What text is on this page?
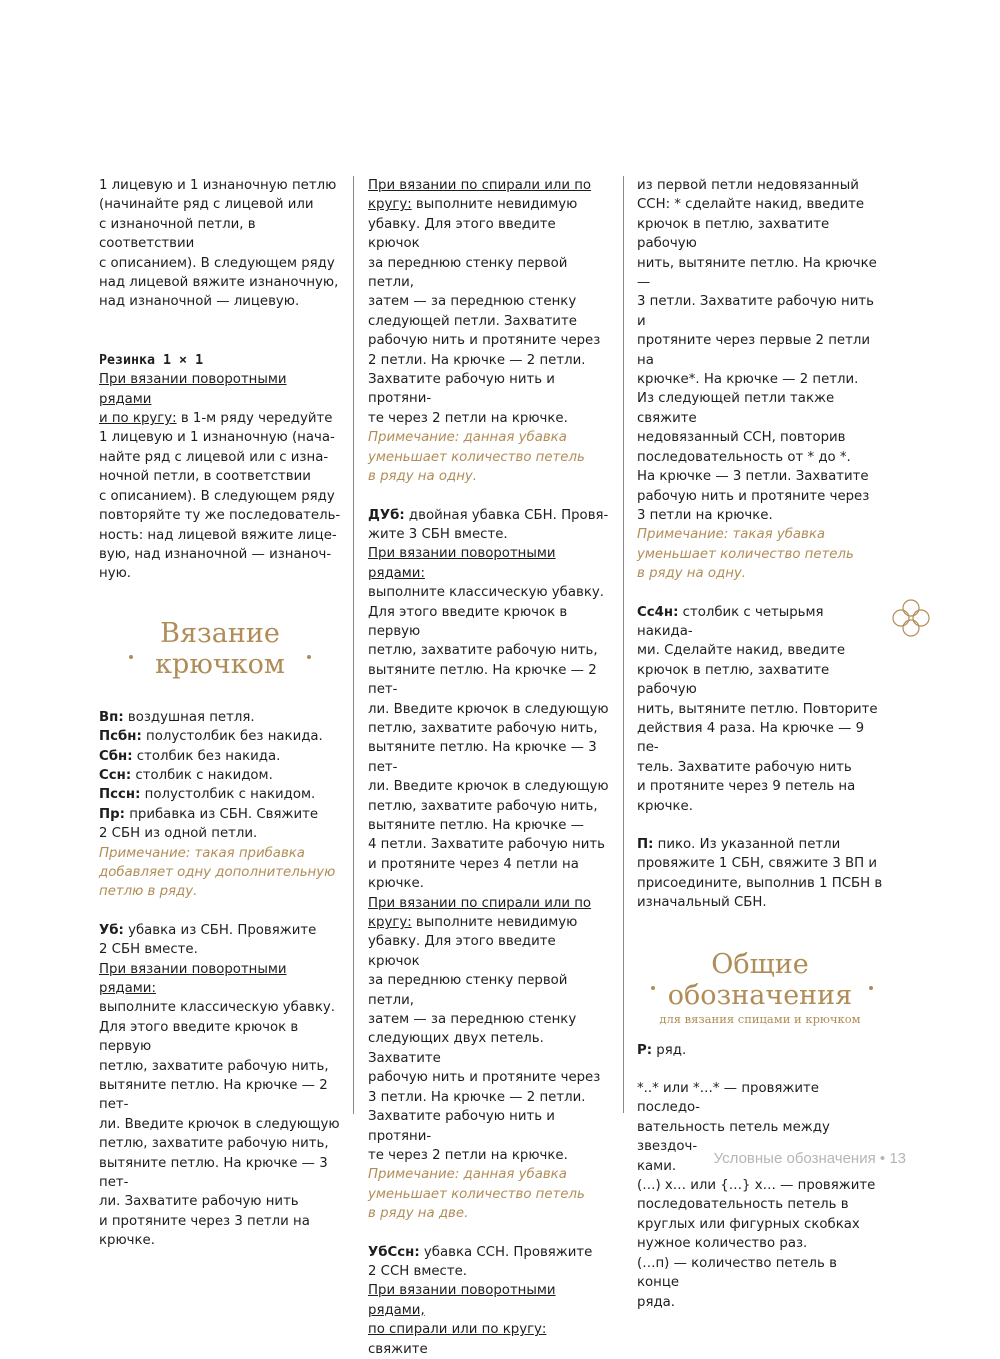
1 лицевую и 1 изнаночную петлю

(начинайте ряд с лицевой или

с изнаночной петли, в соответствии

с описанием). В следующем ряду

над лицевой вяжите изнаночную,

над изнаночной — лицевую.

Резинка 1 × 1

При вязании поворотными рядами

и по кругу: в 1-м ряду чередуйте

1 лицевую и 1 изнаночную (нача-

найте ряд с лицевой или с изна-

ночной петли, в соответствии

с описанием). В следующем ряду

повторяйте ту же последователь-

ность: над лицевой вяжите лице-

вую, над изнаночной — изнаноч-

ную.

Вязание
крючком

Вп: воздушная петля.

Псбн: полустолбик без накида.

Сбн: столбик без накида.

Ссн: столбик с накидом.

Пссн: полустолбик с накидом.

Пр: прибавка из СБН. Свяжите

2 СБН из одной петли.

Примечание: такая прибавка

добавляет одну дополнительную

петлю в ряду.

Уб: убавка из СБН. Провяжите

2 СБН вместе.

При вязании поворотными рядами:

выполните классическую убавку.

Для этого введите крючок в первую

петлю, захватите рабочую нить,

вытяните петлю. На крючке — 2 пет-

ли. Введите крючок в следующую

петлю, захватите рабочую нить,

вытяните петлю. На крючке — 3 пет-

ли. Захватите рабочую нить

и протяните через 3 петли на

крючке.

При вязании по спирали или по

кругу: выполните невидимую

убавку. Для этого введите крючок

за переднюю стенку первой петли,

затем — за переднюю стенку

следующей петли. Захватите

рабочую нить и протяните через

2 петли. На крючке — 2 петли.

Захватите рабочую нить и протяни-

те через 2 петли на крючке.

Примечание: данная убавка

уменьшает количество петель

в ряду на одну.

ДУб: двойная убавка СБН. Провя-

жите 3 СБН вместе.

При вязании поворотными рядами:

выполните классическую убавку.

Для этого введите крючок в первую

петлю, захватите рабочую нить,

вытяните петлю. На крючке — 2 пет-

ли. Введите крючок в следующую

петлю, захватите рабочую нить,

вытяните петлю. На крючке — 3 пет-

ли. Введите крючок в следующую

петлю, захватите рабочую нить,

вытяните петлю. На крючке —

4 петли. Захватите рабочую нить

и протяните через 4 петли на

крючке.

При вязании по спирали или по

кругу: выполните невидимую

убавку. Для этого введите крючок

за переднюю стенку первой петли,

затем — за переднюю стенку

следующих двух петель. Захватите

рабочую нить и протяните через

3 петли. На крючке — 2 петли.

Захватите рабочую нить и протяни-

те через 2 петли на крючке.

Примечание: данная убавка

уменьшает количество петель

в ряду на две.

УбСсн: убавка ССН. Провяжите

2 ССН вместе.

При вязании поворотными рядами,

по спирали или по кругу: свяжите

из первой петли недовязанный

ССН: * сделайте накид, введите

крючок в петлю, захватите рабочую

нить, вытяните петлю. На крючке —

3 петли. Захватите рабочую нить и

протяните через первые 2 петли на

крючке*. На крючке — 2 петли.

Из следующей петли также свяжите

недовязанный ССН, повторив

последовательность от * до *.

На крючке — 3 петли. Захватите

рабочую нить и протяните через

3 петли на крючке.

Примечание: такая убавка

уменьшает количество петель

в ряду на одну.

Сс4н: столбик с четырьмя накида-

ми. Сделайте накид, введите

крючок в петлю, захватите рабочую

нить, вытяните петлю. Повторите

действия 4 раза. На крючке — 9 пе-

тель. Захватите рабочую нить

и протяните через 9 петель на

крючке.

П: пико. Из указанной петли

провяжите 1 СБН, свяжите 3 ВП и

присоедините, выполнив 1 ПСБН в

изначальный СБН.

Общие
обозначения
для вязания спицами и крючком

Р: ряд.

*..* или *…* — провяжите последо-

вательность петель между звездоч-

ками.

(…) х… или {…} х… — провяжите

последовательность петель в

круглых или фигурных скобках

нужное количество раз.

(…п) — количество петель в конце

ряда.

Условные обозначения • 13
